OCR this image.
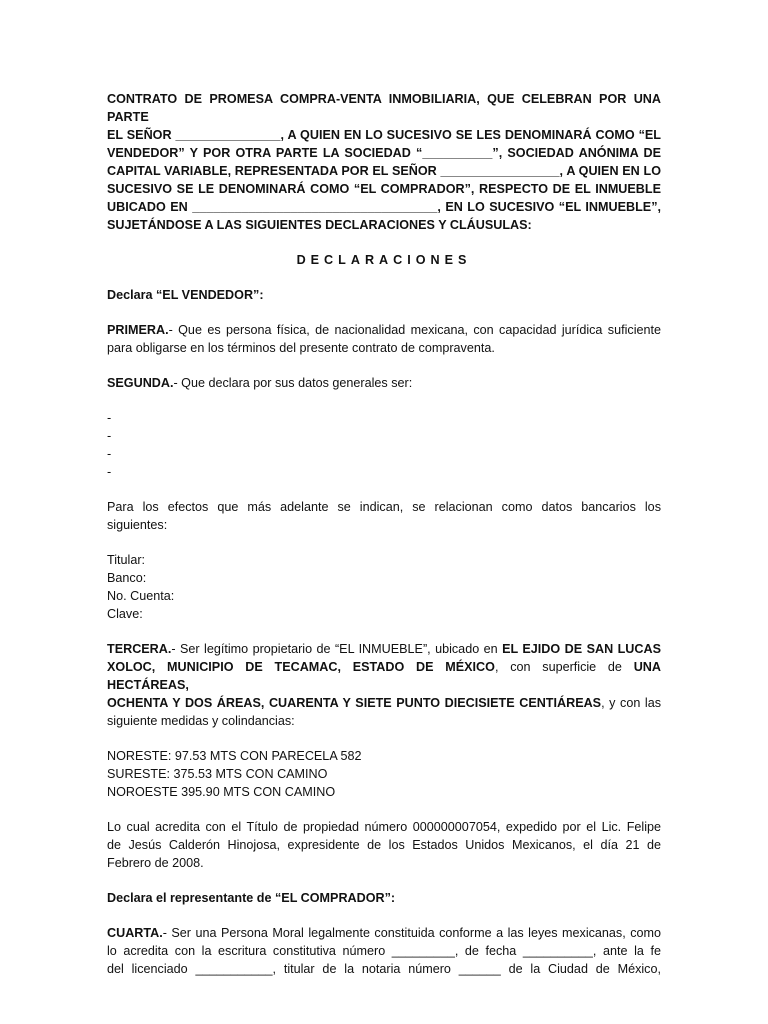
CONTRATO DE PROMESA COMPRA-VENTA INMOBILIARIA, QUE CELEBRAN POR UNA PARTE

EL SEÑOR _______________, A QUIEN EN LO SUCESIVO SE LES DENOMINARÁ COMO “EL

VENDEDOR” Y POR OTRA PARTE LA SOCIEDAD “__________”, SOCIEDAD ANÓNIMA DE

CAPITAL VARIABLE, REPRESENTADA POR EL SEÑOR _________________, A QUIEN EN LO

SUCESIVO SE LE DENOMINARÁ COMO “EL COMPRADOR”, RESPECTO DE EL INMUEBLE

UBICADO EN ___________________________________, EN LO SUCESIVO “EL INMUEBLE”,

SUJETÁNDOSE A LAS SIGUIENTES DECLARACIONES Y CLÁUSULAS:

DECLARACIONES

Declara “EL VENDEDOR”:

PRIMERA.- Que es persona física, de nacionalidad mexicana, con capacidad jurídica suficiente

para obligarse en los términos del presente contrato de compraventa.

SEGUNDA.- Que declara por sus datos generales ser:

-

-

-

-

Para los efectos que más adelante se indican, se relacionan como datos bancarios los

siguientes:

Titular:

Banco:

No. Cuenta:

Clave:

TERCERA.- Ser legítimo propietario de “EL INMUEBLE”, ubicado en EL EJIDO DE SAN LUCAS

XOLOC, MUNICIPIO DE TECAMAC, ESTADO DE MÉXICO, con superficie de UNA HECTÁREAS,

OCHENTA Y DOS ÁREAS, CUARENTA Y SIETE PUNTO DIECISIETE CENTIÁREAS, y con las

siguiente medidas y colindancias:

NORESTE: 97.53 MTS CON PARECELA 582

SURESTE: 375.53 MTS CON CAMINO

NOROESTE 395.90 MTS CON CAMINO

Lo cual acredita con el Título de propiedad número 000000007054, expedido por el Lic. Felipe

de Jesús Calderón Hinojosa, expresidente de los Estados Unidos Mexicanos, el día 21 de

Febrero de 2008.

Declara el representante de “EL COMPRADOR”:

CUARTA.- Ser una Persona Moral legalmente constituida conforme a las leyes mexicanas, como

lo acredita con la escritura constitutiva número _________, de fecha __________, ante la fe

del licenciado ___________, titular de la notaria número ______ de la Ciudad de México,
